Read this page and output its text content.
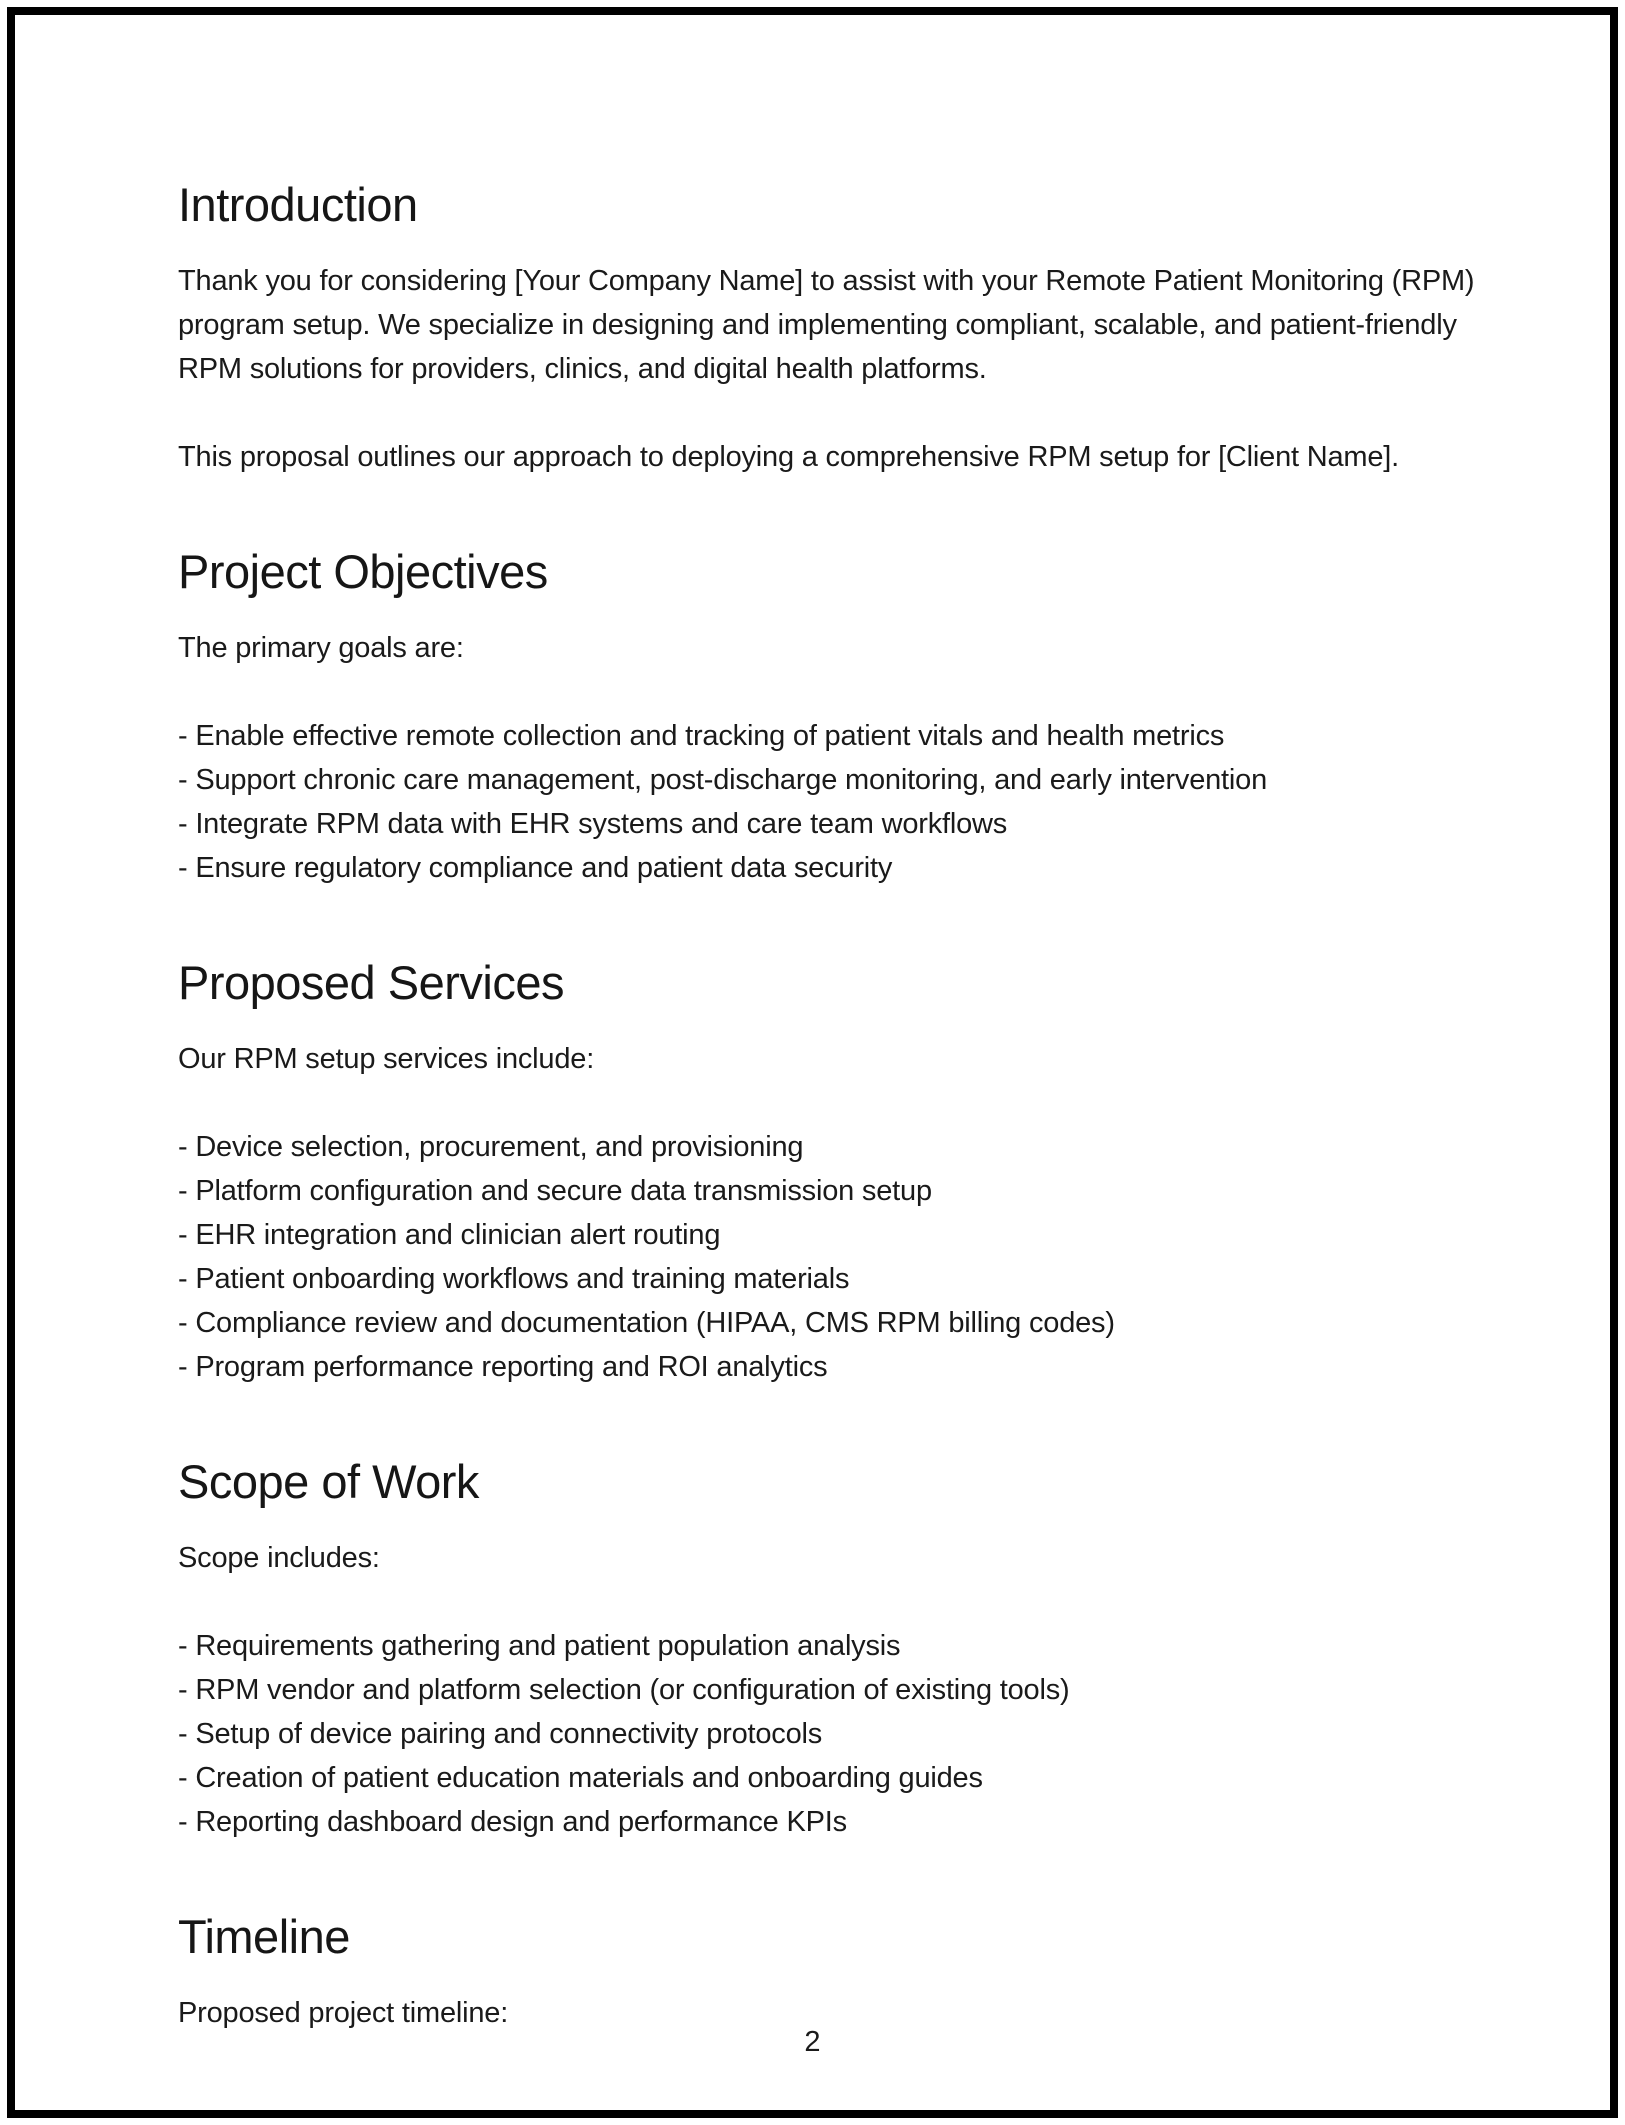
Introduction
Thank you for considering [Your Company Name] to assist with your Remote Patient Monitoring (RPM)
program setup. We specialize in designing and implementing compliant, scalable, and patient-friendly
RPM solutions for providers, clinics, and digital health platforms.
This proposal outlines our approach to deploying a comprehensive RPM setup for [Client Name].
Project Objectives
The primary goals are:
- Enable effective remote collection and tracking of patient vitals and health metrics
- Support chronic care management, post-discharge monitoring, and early intervention
- Integrate RPM data with EHR systems and care team workflows
- Ensure regulatory compliance and patient data security
Proposed Services
Our RPM setup services include:
- Device selection, procurement, and provisioning
- Platform configuration and secure data transmission setup
- EHR integration and clinician alert routing
- Patient onboarding workflows and training materials
- Compliance review and documentation (HIPAA, CMS RPM billing codes)
- Program performance reporting and ROI analytics
Scope of Work
Scope includes:
- Requirements gathering and patient population analysis
- RPM vendor and platform selection (or configuration of existing tools)
- Setup of device pairing and connectivity protocols
- Creation of patient education materials and onboarding guides
- Reporting dashboard design and performance KPIs
Timeline
Proposed project timeline:
2
